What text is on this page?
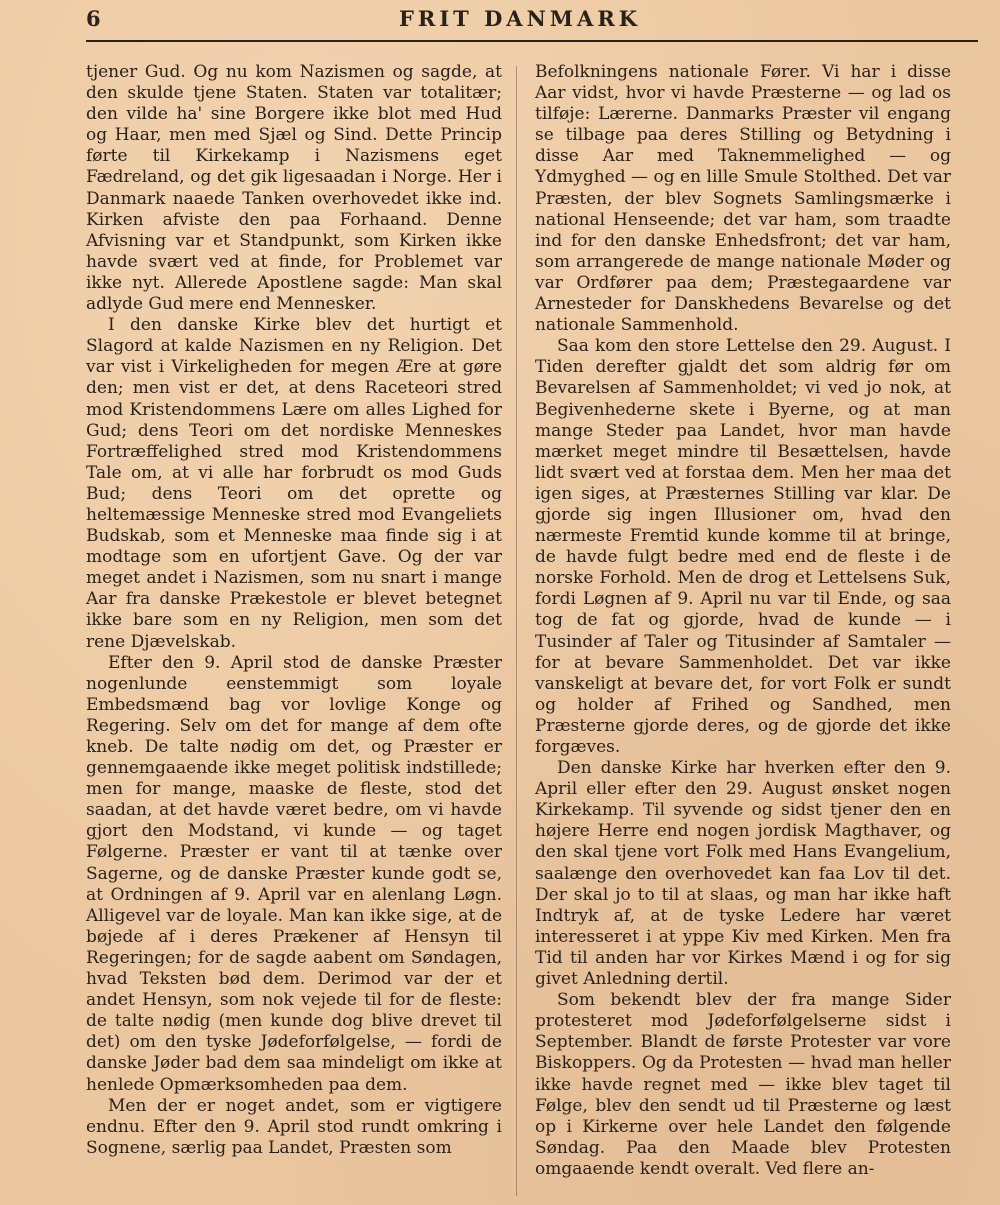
6	FRIT DANMARK

tjener Gud. Og nu kom Nazismen og sagde, at den skulde tjene Staten. Staten var totalitær; den vilde ha' sine Borgere ikke blot med Hud og Haar, men med Sjæl og Sind. Dette Princip førte til Kirkekamp i Nazismens eget Fædreland, og det gik ligesaadan i Norge. Her i Danmark naaede Tanken overhovedet ikke ind. Kirken afviste den paa Forhaand. Denne Afvisning var et Standpunkt, som Kirken ikke havde svært ved at finde, for Problemet var ikke nyt. Allerede Apostlene sagde: Man skal adlyde Gud mere end Mennesker.

I den danske Kirke blev det hurtigt et Slagord at kalde Nazismen en ny Religion. Det var vist i Virkeligheden for megen Ære at gøre den; men vist er det, at dens Raceteori stred mod Kristendommens Lære om alles Lighed for Gud; dens Teori om det nordiske Menneskes Fortræffelighed stred mod Kristendommens Tale om, at vi alle har forbrudt os mod Guds Bud; dens Teori om det oprette og heltemæssige Menneske stred mod Evangeliets Budskab, som et Menneske maa finde sig i at modtage som en ufortjent Gave. Og der var meget andet i Nazismen, som nu snart i mange Aar fra danske Prækestole er blevet betegnet ikke bare som en ny Religion, men som det rene Djævelskab.

Efter den 9. April stod de danske Præster nogenlunde eenstemmigt som loyale Embedsmænd bag vor lovlige Konge og Regering. Selv om det for mange af dem ofte kneb. De talte nødig om det, og Præster er gennemgaaende ikke meget politisk indstillede; men for mange, maaske de fleste, stod det saadan, at det havde været bedre, om vi havde gjort den Modstand, vi kunde — og taget Følgerne. Præster er vant til at tænke over Sagerne, og de danske Præster kunde godt se, at Ordningen af 9. April var en alenlang Løgn. Alligevel var de loyale. Man kan ikke sige, at de bøjede af i deres Prækener af Hensyn til Regeringen; for de sagde aabent om Søndagen, hvad Teksten bød dem. Derimod var der et andet Hensyn, som nok vejede til for de fleste: de talte nødig (men kunde dog blive drevet til det) om den tyske Jødeforfølgelse, — fordi de danske Jøder bad dem saa mindeligt om ikke at henlede Opmærksomheden paa dem.

Men der er noget andet, som er vigtigere endnu. Efter den 9. April stod rundt omkring i Sognene, særlig paa Landet, Præsten som

Befolkningens nationale Fører. Vi har i disse Aar vidst, hvor vi havde Præsterne — og lad os tilføje: Lærerne. Danmarks Præster vil engang se tilbage paa deres Stilling og Betydning i disse Aar med Taknemmelighed — og Ydmyghed — og en lille Smule Stolthed. Det var Præsten, der blev Sognets Samlingsmærke i national Henseende; det var ham, som traadte ind for den danske Enhedsfront; det var ham, som arrangerede de mange nationale Møder og var Ordfører paa dem; Præstegaardene var Arnesteder for Danskhedens Bevarelse og det nationale Sammenhold.

Saa kom den store Lettelse den 29. August. I Tiden derefter gjaldt det som aldrig før om Bevarelsen af Sammenholdet; vi ved jo nok, at Begivenhederne skete i Byerne, og at man mange Steder paa Landet, hvor man havde mærket meget mindre til Besættelsen, havde lidt svært ved at forstaa dem. Men her maa det igen siges, at Præsternes Stilling var klar. De gjorde sig ingen Illusioner om, hvad den nærmeste Fremtid kunde komme til at bringe, de havde fulgt bedre med end de fleste i de norske Forhold. Men de drog et Lettelsens Suk, fordi Løgnen af 9. April nu var til Ende, og saa tog de fat og gjorde, hvad de kunde — i Tusinder af Taler og Titusinder af Samtaler — for at bevare Sammenholdet. Det var ikke vanskeligt at bevare det, for vort Folk er sundt og holder af Frihed og Sandhed, men Præsterne gjorde deres, og de gjorde det ikke forgæves.

Den danske Kirke har hverken efter den 9. April eller efter den 29. August ønsket nogen Kirkekamp. Til syvende og sidst tjener den en højere Herre end nogen jordisk Magthaver, og den skal tjene vort Folk med Hans Evangelium, saalænge den overhovedet kan faa Lov til det. Der skal jo to til at slaas, og man har ikke haft Indtryk af, at de tyske Ledere har været interesseret i at yppe Kiv med Kirken. Men fra Tid til anden har vor Kirkes Mænd i og for sig givet Anledning dertil.

Som bekendt blev der fra mange Sider protesteret mod Jødeforfølgelserne sidst i September. Blandt de første Protester var vore Biskoppers. Og da Protesten — hvad man heller ikke havde regnet med — ikke blev taget til Følge, blev den sendt ud til Præsterne og læst op i Kirkerne over hele Landet den følgende Søndag. Paa den Maade blev Protesten omgaaende kendt overalt. Ved flere an-
